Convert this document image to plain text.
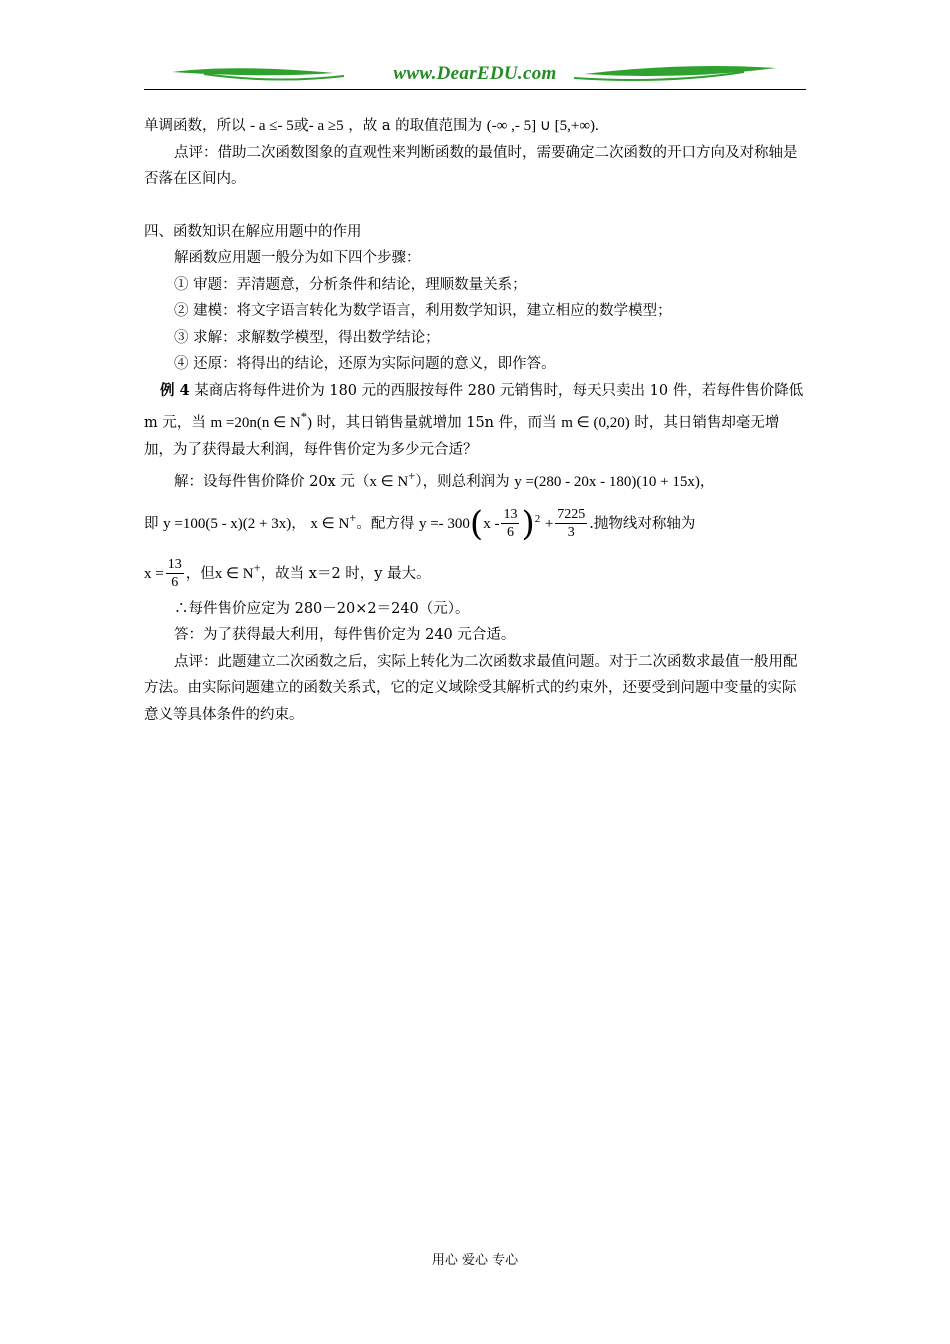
www.DearEDU.com

单调函数，所以 - a ≤- 5或- a ≥5 ，故 a 的取值范围为 (-∞ ,- 5] ∪ [5,+∞).

点评：借助二次函数图象的直观性来判断函数的最值时，需要确定二次函数的开口方向及对称轴是否落在区间内。

四、函数知识在解应用题中的作用

解函数应用题一般分为如下四个步骤：

① 审题：弄清题意，分析条件和结论，理顺数量关系；

② 建模：将文字语言转化为数学语言，利用数学知识，建立相应的数学模型；

③ 求解：求解数学模型，得出数学结论；

④ 还原：将得出的结论，还原为实际问题的意义，即作答。

例 4 某商店将每件进价为 180 元的西服按每件 280 元销售时，每天只卖出 10 件，若每件售价降低 m 元，当 m =20n(n ∈ N*) 时，其日销售量就增加 15n 件，而当 m ∈ (0,20) 时，其日销售却毫无增加，为了获得最大利润，每件售价定为多少元合适？

解：设每件售价降价 20x 元（x ∈ N+），则总利润为 y =(280 - 20x - 180)(10 + 15x)，

即 y =100(5 - x)(2 + 3x)， x ∈ N+。配方得 $y =- 300(x - \frac{13}{6} )^2 + \frac{7225}{3}$ .抛物线对称轴为

$x = \frac{13}{6}$ ，但x ∈ N+，故当 x＝2 时，y 最大。

∴每件售价应定为 280－20×2＝240（元）。

答：为了获得最大利用，每件售价定为 240 元合适。

点评：此题建立二次函数之后，实际上转化为二次函数求最值问题。对于二次函数求最值一般用配方法。由实际问题建立的函数关系式，它的定义域除受其解析式的约束外，还要受到问题中变量的实际意义等具体条件的约束。

用心 爱心 专心
